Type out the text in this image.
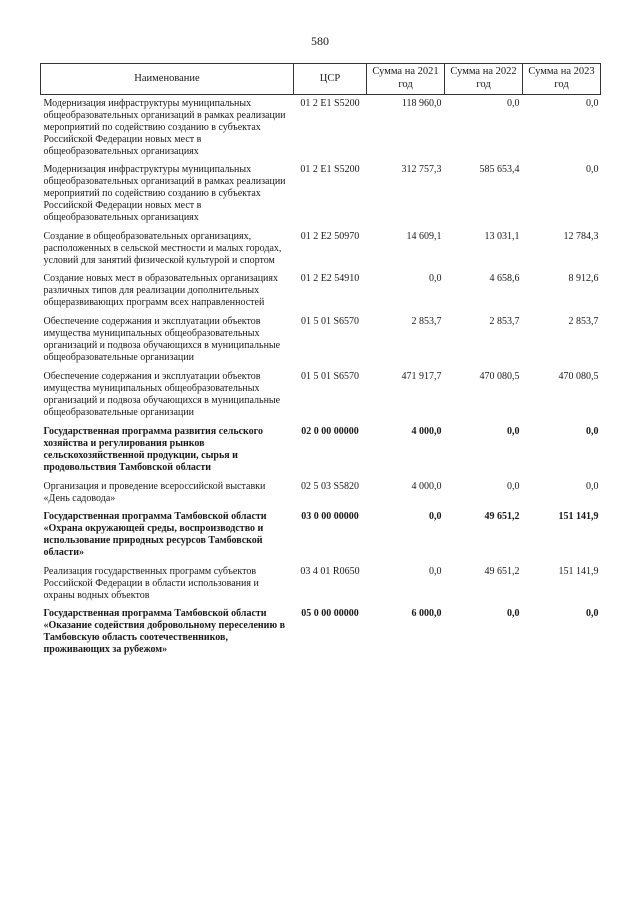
580
Наименование	ЦСР	Сумма на 2021 год	Сумма на 2022 год	Сумма на 2023 год
Модернизация инфраструктуры муниципальных общеобразовательных организаций в рамках реализации мероприятий по содействию созданию в субъектах Российской Федерации новых мест в общеобразовательных организациях	01 2 E1 S5200	118 960,0	0,0	0,0
Модернизация инфраструктуры муниципальных общеобразовательных организаций в рамках реализации мероприятий по содействию созданию в субъектах Российской Федерации новых мест в общеобразовательных организациях	01 2 E1 S5200	312 757,3	585 653,4	0,0
Создание в общеобразовательных организациях, расположенных в сельской местности и малых городах, условий для занятий физической культурой и спортом	01 2 E2 50970	14 609,1	13 031,1	12 784,3
Создание новых мест в образовательных организациях различных типов для реализации дополнительных общеразвивающих программ всех направленностей	01 2 E2 54910	0,0	4 658,6	8 912,6
Обеспечение содержания и эксплуатации объектов имущества муниципальных общеобразовательных организаций и подвоза обучающихся в муниципальные общеобразовательные организации	01 5 01 S6570	2 853,7	2 853,7	2 853,7
Обеспечение содержания и эксплуатации объектов имущества муниципальных общеобразовательных организаций и подвоза обучающихся в муниципальные общеобразовательные организации	01 5 01 S6570	471 917,7	470 080,5	470 080,5
Государственная программа развития сельского хозяйства и регулирования рынков сельскохозяйственной продукции, сырья и продовольствия Тамбовской области	02 0 00 00000	4 000,0	0,0	0,0
Организация и проведение всероссийской выставки «День садовода»	02 5 03 S5820	4 000,0	0,0	0,0
Государственная программа Тамбовской области «Охрана окружающей среды, воспроизводство и использование природных ресурсов Тамбовской области»	03 0 00 00000	0,0	49 651,2	151 141,9
Реализация государственных программ субъектов Российской Федерации в области использования и охраны водных объектов	03 4 01 R0650	0,0	49 651,2	151 141,9
Государственная программа Тамбовской области «Оказание содействия добровольному переселению в Тамбовскую область соотечественников, проживающих за рубежом»	05 0 00 00000	6 000,0	0,0	0,0
